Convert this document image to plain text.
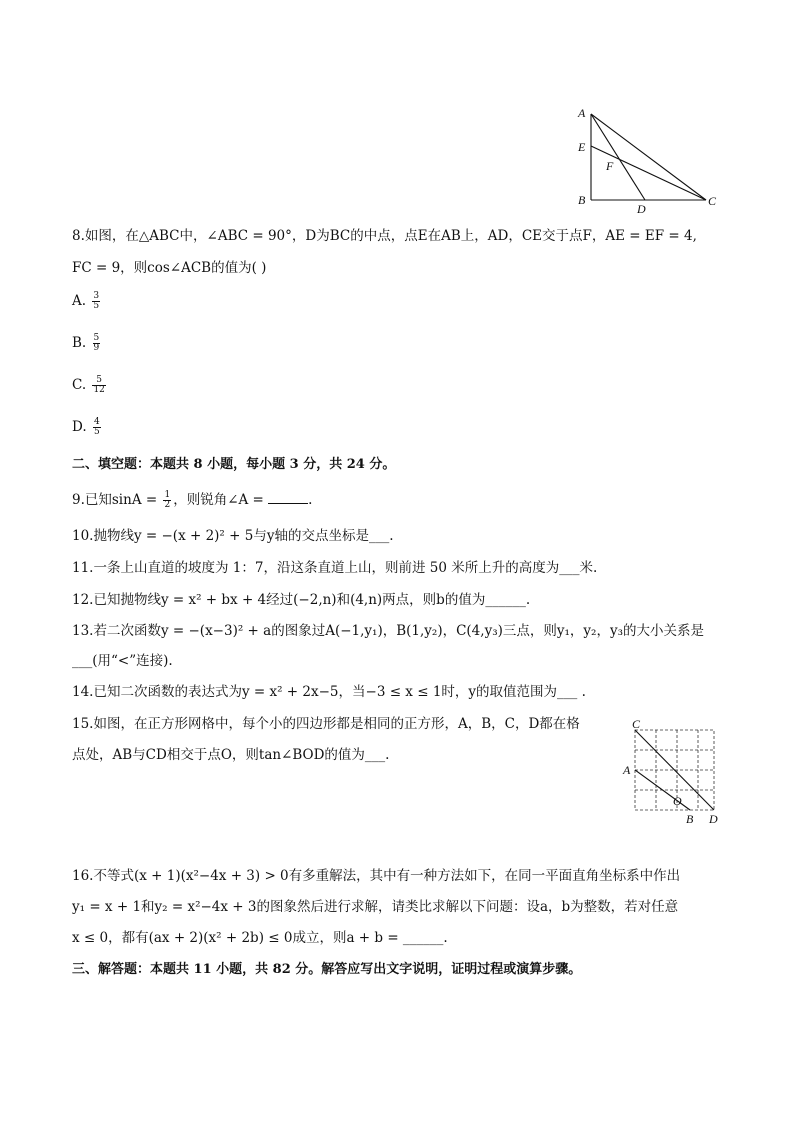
A
E
F
B
D
C
C
A
O
B D
8.如图，在△ABC中，∠ABC = 90°，D为BC的中点，点E在AB上，AD，CE交于点F，AE = EF = 4,
FC = 9，则cos∠ACB的值为( )
A. $\frac{3}{5}$
B. $\frac{5}{9}$
C. $\frac{5}{12}$
D. $\frac{4}{5}$
二、填空题：本题共 8 小题，每小题 3 分，共 24 分。
9.已知$\sin A = \frac{1}{2}$ ，则锐角∠A =	.
10.抛物线y = −(x + 2)² + 5与y轴的交点坐标是___.
11.一条上山直道的坡度为 1：7，沿这条直道上山，则前进 50 米所上升的高度为___米.
12.已知抛物线y = x² + bx + 4经过(−2,n)和(4,n)两点，则b的值为______.
13.若二次函数y = −(x−3)² + a的图象过A(−1,y₁)，B(1,y₂)，C(4,y₃)三点，则y₁，y₂，y₃的大小关系是
___(用“<”连接).
14.已知二次函数的表达式为y = x² + 2x−5，当−3 ≤ x ≤ 1时，y的取值范围为___ .
15.如图，在正方形网格中，每个小的四边形都是相同的正方形，A，B，C，D都在格
点处，AB与CD相交于点O，则tan∠BOD的值为___.
16.不等式(x + 1)(x²−4x + 3) > 0有多重解法，其中有一种方法如下，在同一平面直角坐标系中作出
y₁ = x + 1和y₂ = x²−4x + 3的图象然后进行求解，请类比求解以下问题：设a，b为整数，若对任意
x ≤ 0，都有(ax + 2)(x² + 2b) ≤ 0成立，则a + b = ______.
三、解答题：本题共 11 小题，共 82 分。解答应写出文字说明，证明过程或演算步骤。
